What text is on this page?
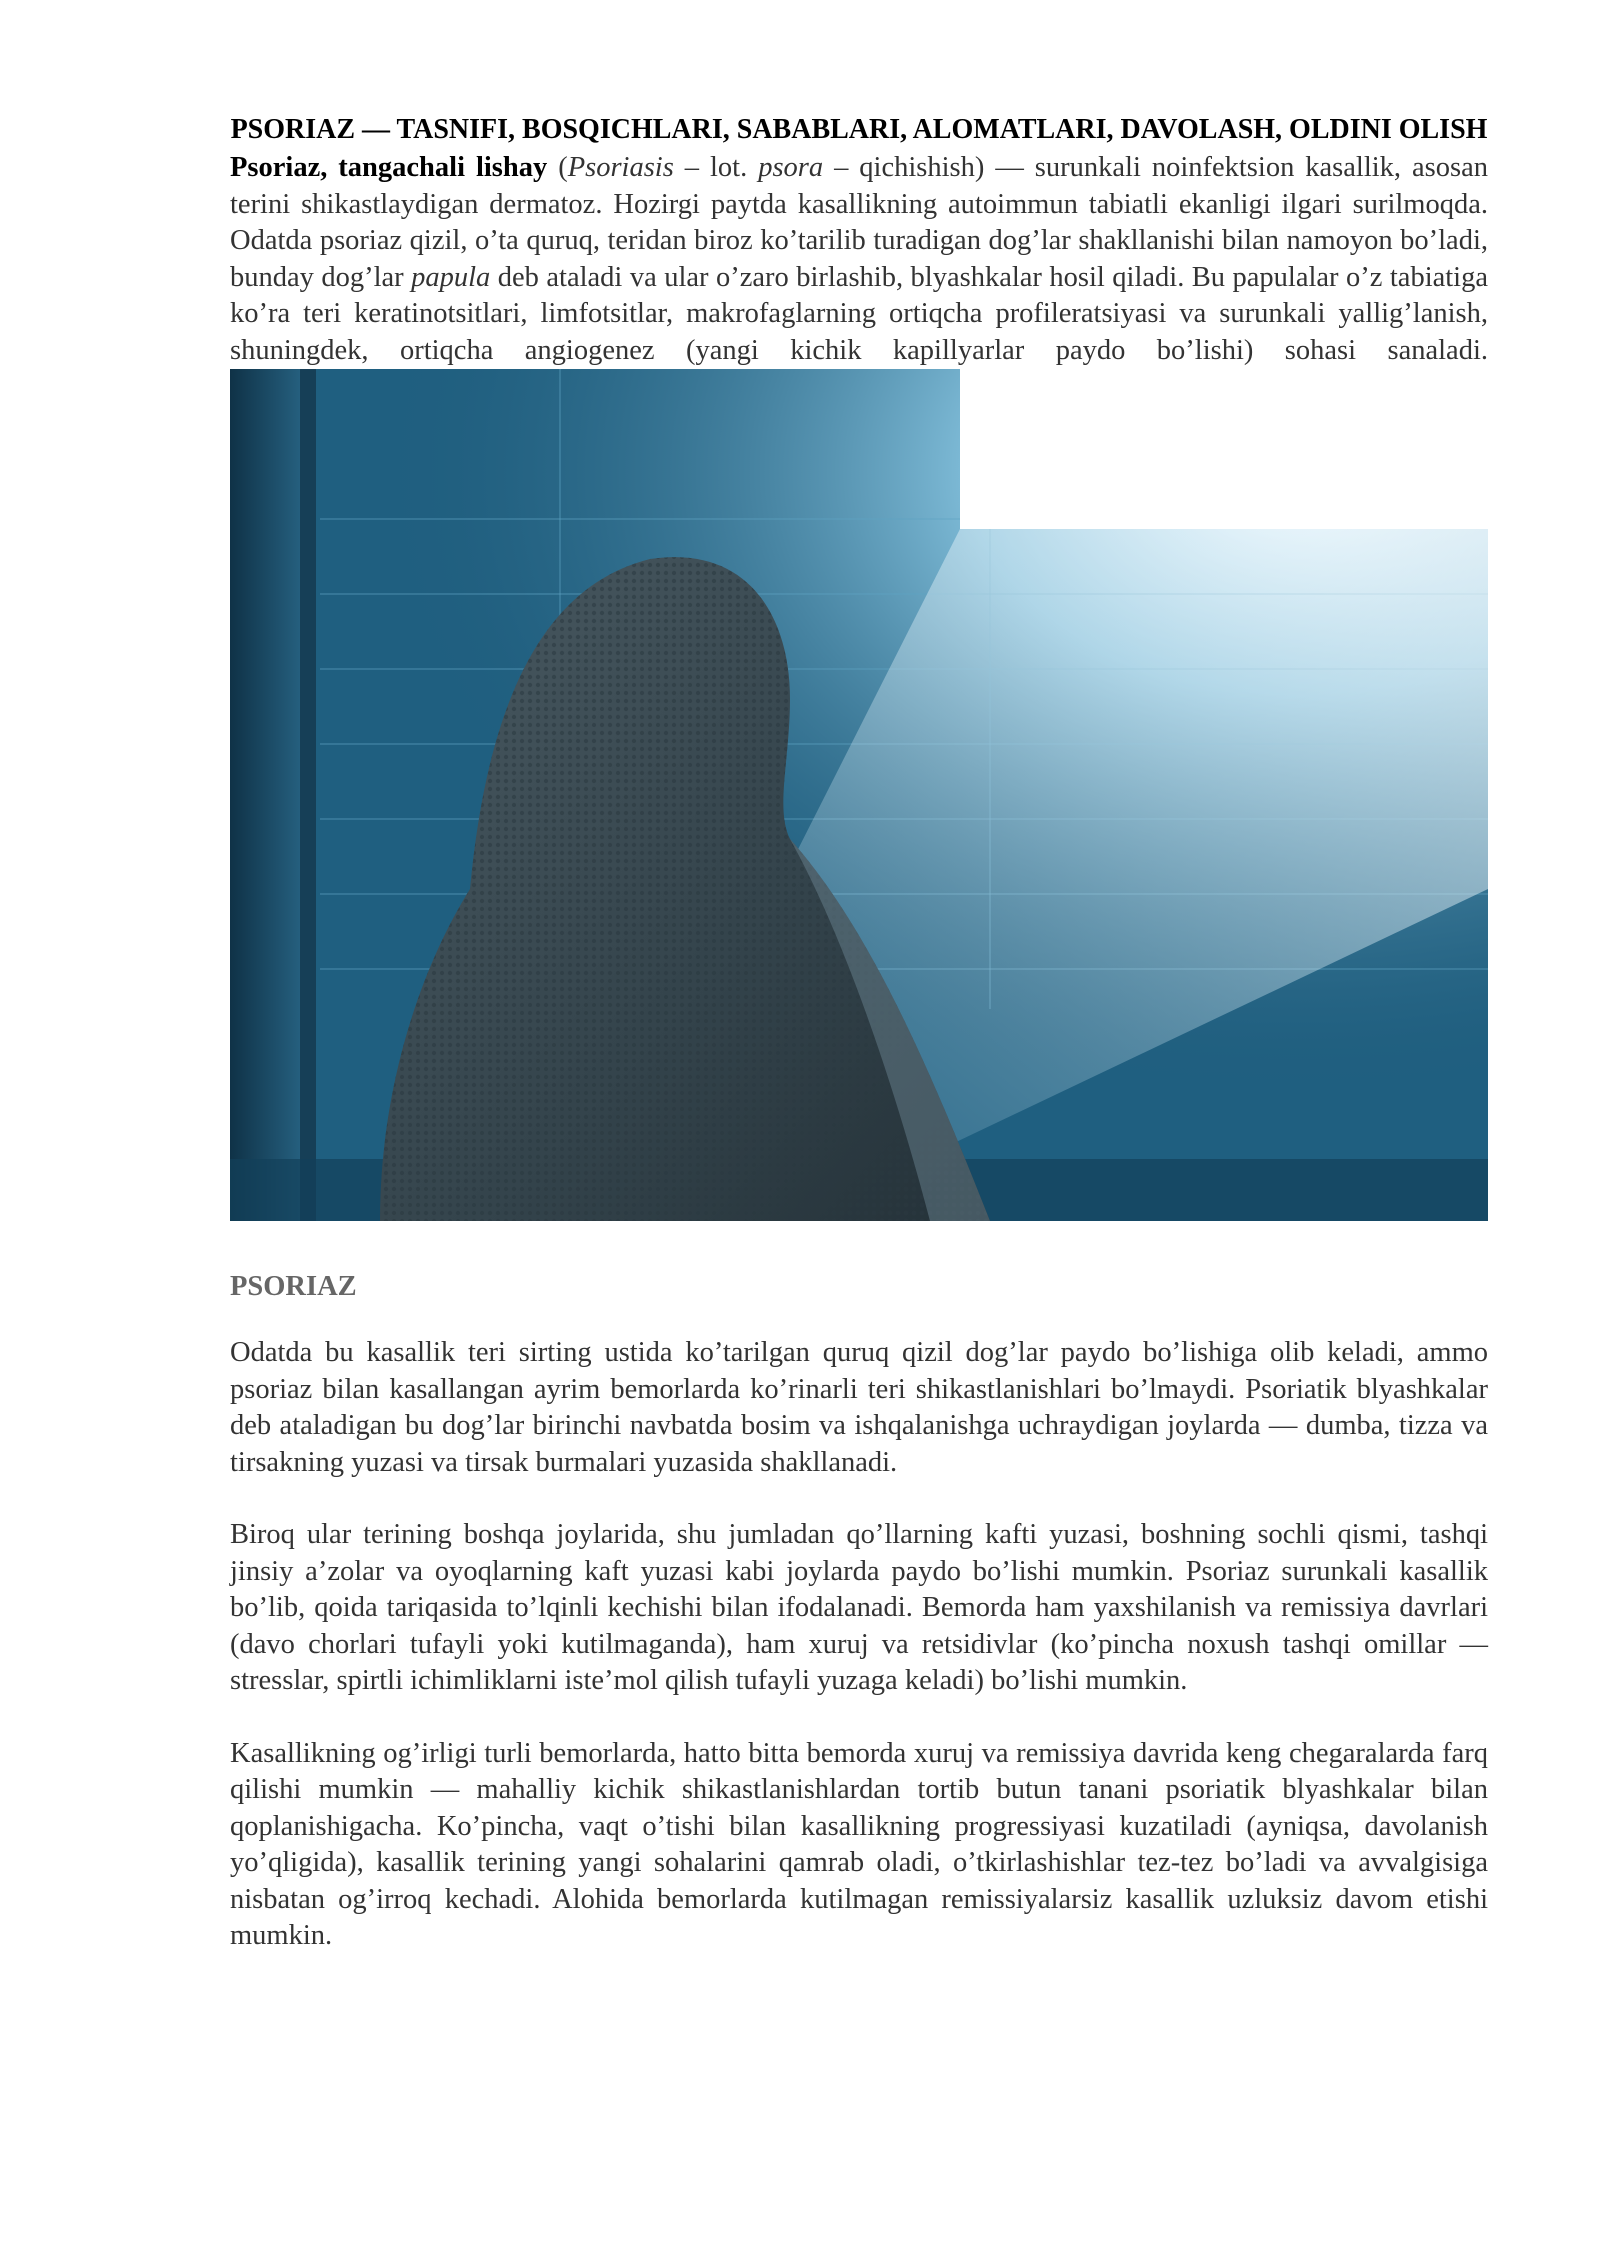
PSORIAZ — TASNIFI, BOSQICHLARI, SABABLARI, ALOMATLARI, DAVOLASH, OLDINI OLISH

Psoriaz, tangachali lishay (Psoriasis – lot. psora – qichishish) — surunkali noinfektsion kasallik, asosan terini shikastlaydigan dermatoz. Hozirgi paytda kasallikning autoimmun tabiatli ekanligi ilgari surilmoqda. Odatda psoriaz qizil, o’ta quruq, teridan biroz ko’tarilib turadigan dog’lar shakllanishi bilan namoyon bo’ladi, bunday dog’lar papula deb ataladi va ular o’zaro birlashib, blyashkalar hosil qiladi. Bu papulalar o’z tabiatiga ko’ra teri keratinotsitlari, limfotsitlar, makrofaglarning ortiqcha profileratsiyasi va surunkali yallig’lanish, shuningdek, ortiqcha angiogenez (yangi kichik kapillyarlar paydo bo’lishi) sohasi sanaladi.

PSORIAZ

Odatda bu kasallik teri sirting ustida ko’tarilgan quruq qizil dog’lar paydo bo’lishiga olib keladi, ammo psoriaz bilan kasallangan ayrim bemorlarda ko’rinarli teri shikastlanishlari bo’lmaydi. Psoriatik blyashkalar deb ataladigan bu dog’lar birinchi navbatda bosim va ishqalanishga uchraydigan joylarda — dumba, tizza va tirsakning yuzasi va tirsak burmalari yuzasida shakllanadi.

Biroq ular terining boshqa joylarida, shu jumladan qo’llarning kafti yuzasi, boshning sochli qismi, tashqi jinsiy a’zolar va oyoqlarning kaft yuzasi kabi joylarda paydo bo’lishi mumkin. Psoriaz surunkali kasallik bo’lib, qoida tariqasida to’lqinli kechishi bilan ifodalanadi. Bemorda ham yaxshilanish va remissiya davrlari (davo chorlari tufayli yoki kutilmaganda), ham xuruj va retsidivlar (ko’pincha noxush tashqi omillar — stresslar, spirtli ichimliklarni iste’mol qilish tufayli yuzaga keladi) bo’lishi mumkin.

Kasallikning og’irligi turli bemorlarda, hatto bitta bemorda xuruj va remissiya davrida keng chegaralarda farq qilishi mumkin — mahalliy kichik shikastlanishlardan tortib butun tanani psoriatik blyashkalar bilan qoplanishigacha. Ko’pincha, vaqt o’tishi bilan kasallikning progressiyasi kuzatiladi (ayniqsa, davolanish yo’qligida), kasallik terining yangi sohalarini qamrab oladi, o’tkirlashishlar tez-tez bo’ladi va avvalgisiga nisbatan og’irroq kechadi. Alohida bemorlarda kutilmagan remissiyalarsiz kasallik uzluksiz davom etishi mumkin.
